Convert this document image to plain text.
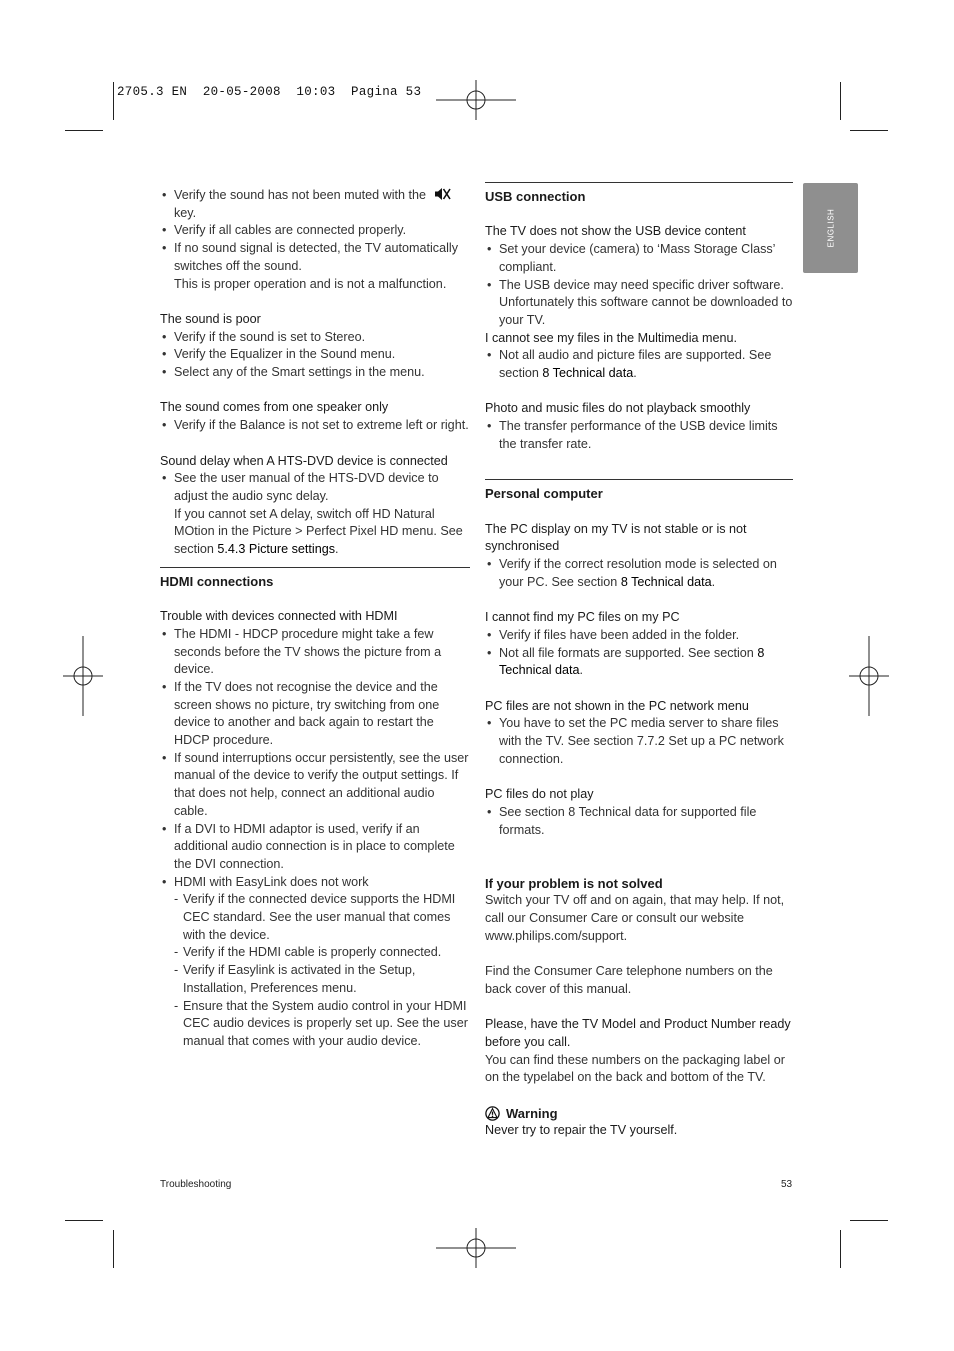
2705.3 EN  20-05-2008  10:03  Pagina 53
ENGLISH
• Verify the sound has not been muted with the
key.
• Verify if all cables are connected properly.
• If no sound signal is detected, the TV automatically switches off the sound.

This is proper operation and is not a malfunction.

The sound is poor

• Verify if the sound is set to Stereo.
• Verify the Equalizer in the Sound menu.
• Select any of the Smart settings in the menu.

The sound comes from one speaker only

• Verify if the Balance is not set to extreme left or right.

Sound delay when A HTS-DVD device is connected

• See the user manual of the HTS-DVD device to adjust the audio sync delay.

If you cannot set A delay, switch off HD Natural MOtion in the Picture > Perfect Pixel HD menu. See section 5.4.3 Picture settings.

HDMI connections

Trouble with devices connected with HDMI

• The HDMI - HDCP procedure might take a few seconds before the TV shows the picture from a device.
• If the TV does not recognise the device and the screen shows no picture, try switching from one device to another and back again to restart the HDCP procedure.
• If sound interruptions occur persistently, see the user manual of the device to verify the output settings. If that does not help, connect an additional audio cable.
• If a DVI to HDMI adaptor is used, verify if an additional audio connection is in place to complete the DVI connection.
• HDMI with EasyLink does not work
- Verify if the connected device supports the HDMI CEC standard. See the user manual that comes with the device.
- Verify if the HDMI cable is properly connected.
- Verify if Easylink is activated in the Setup, Installation, Preferences menu.
- Ensure that the System audio control in your HDMI CEC audio devices is properly set up. See the user manual that comes with your audio device.

USB connection

The TV does not show the USB device content

• Set your device (camera) to ‘Mass Storage Class’ compliant.
• The USB device may need specific driver software. Unfortunately this software cannot be downloaded to your TV.

I cannot see my files in the Multimedia menu.

• Not all audio and picture files are supported. See section 8 Technical data.

Photo and music files do not playback smoothly

• The transfer performance of the USB device limits the transfer rate.

Personal computer

The PC display on my TV is not stable or is not synchronised

• Verify if the correct resolution mode is selected on your PC. See section 8 Technical data.

I cannot find my PC files on my PC

• Verify if files have been added in the folder.
• Not all file formats are supported. See section 8 Technical data.

PC files are not shown in the PC network menu

• You have to set the PC media server to share files with the TV. See section 7.7.2 Set up a PC network connection.

PC files do not play

• See section 8 Technical data for supported file formats.

If your problem is not solved

Switch your TV off and on again, that may help. If not, call our Consumer Care or consult our website www.philips.com/support.

Find the Consumer Care telephone numbers on the back cover of this manual.

Please, have the TV Model and Product Number ready before you call.

You can find these numbers on the packaging label or on the typelabel on the back and bottom of the TV.

Warning

Never try to repair the TV yourself.

Troubleshooting	53
